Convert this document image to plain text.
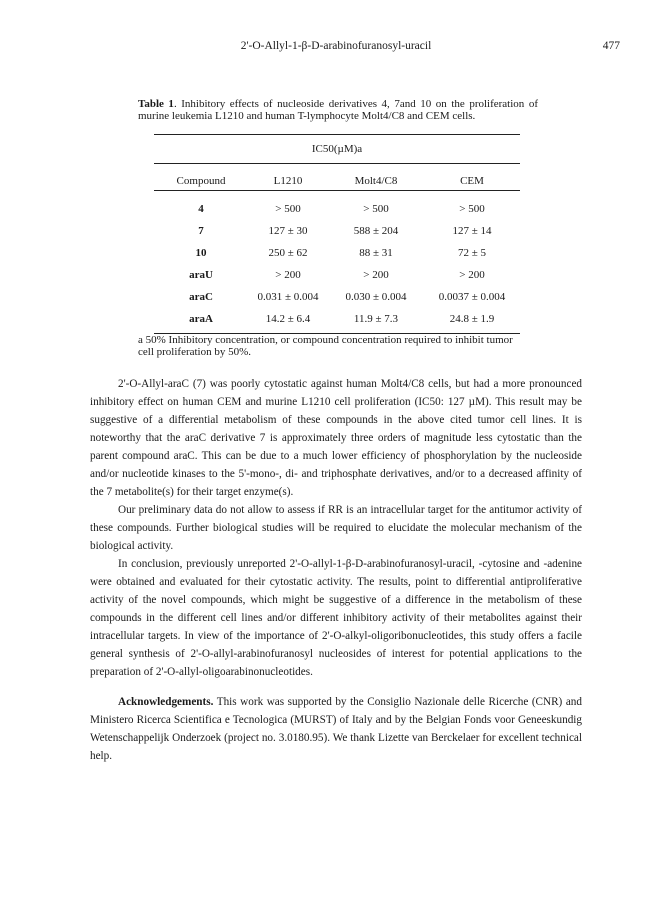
2'-O-Allyl-1-β-D-arabinofuranosyl-uracil	477
Table 1. Inhibitory effects of nucleoside derivatives 4, 7and 10 on the proliferation of murine leukemia L1210 and human T-lymphocyte Molt4/C8 and CEM cells.
IC50(µM)a
Compound	L1210	Molt4/C8	CEM

4	> 500	> 500	> 500
7	127 ± 30	588 ± 204	127 ± 14
10	250 ± 62	88 ± 31	72 ± 5
araU	> 200	> 200	> 200
araC	0.031 ± 0.004	0.030 ± 0.004	0.0037 ± 0.004
araA	14.2 ± 6.4	11.9 ± 7.3	24.8 ± 1.9
a 50% Inhibitory concentration, or compound concentration required to inhibit tumor cell proliferation by 50%.

2'-O-Allyl-araC (7) was poorly cytostatic against human Molt4/C8 cells, but had a more pronounced inhibitory effect on human CEM and murine L1210 cell proliferation (IC50: 127 µM). This result may be suggestive of a differential metabolism of these compounds in the above cited tumor cell lines. It is noteworthy that the araC derivative 7 is approximately three orders of magnitude less cytostatic than the parent compound araC. This can be due to a much lower efficiency of phosphorylation by the nucleoside and/or nucleotide kinases to the 5'-mono-, di- and triphosphate derivatives, and/or to a decreased affinity of the 7 metabolite(s) for their target enzyme(s).

Our preliminary data do not allow to assess if RR is an intracellular target for the antitumor activity of these compounds. Further biological studies will be required to elucidate the molecular mechanism of the biological activity.

In conclusion, previously unreported 2'-O-allyl-1-β-D-arabinofuranosyl-uracil, -cytosine and -adenine were obtained and evaluated for their cytostatic activity. The results, point to differential antiproliferative activity of the novel compounds, which might be suggestive of a difference in the metabolism of these compounds in the different cell lines and/or different inhibitory activity of their metabolites against their intracellular targets. In view of the importance of 2'-O-alkyl-oligoribonucleotides, this study offers a facile general synthesis of 2'-O-allyl-arabinofuranosyl nucleosides of interest for potential applications to the preparation of 2'-O-allyl-oligoarabinonucleotides.

Acknowledgements. This work was supported by the Consiglio Nazionale delle Ricerche (CNR) and Ministero Ricerca Scientifica e Tecnologica (MURST) of Italy and by the Belgian Fonds voor Geneeskundig Wetenschappelijk Onderzoek (project no. 3.0180.95). We thank Lizette van Berckelaer for excellent technical help.
